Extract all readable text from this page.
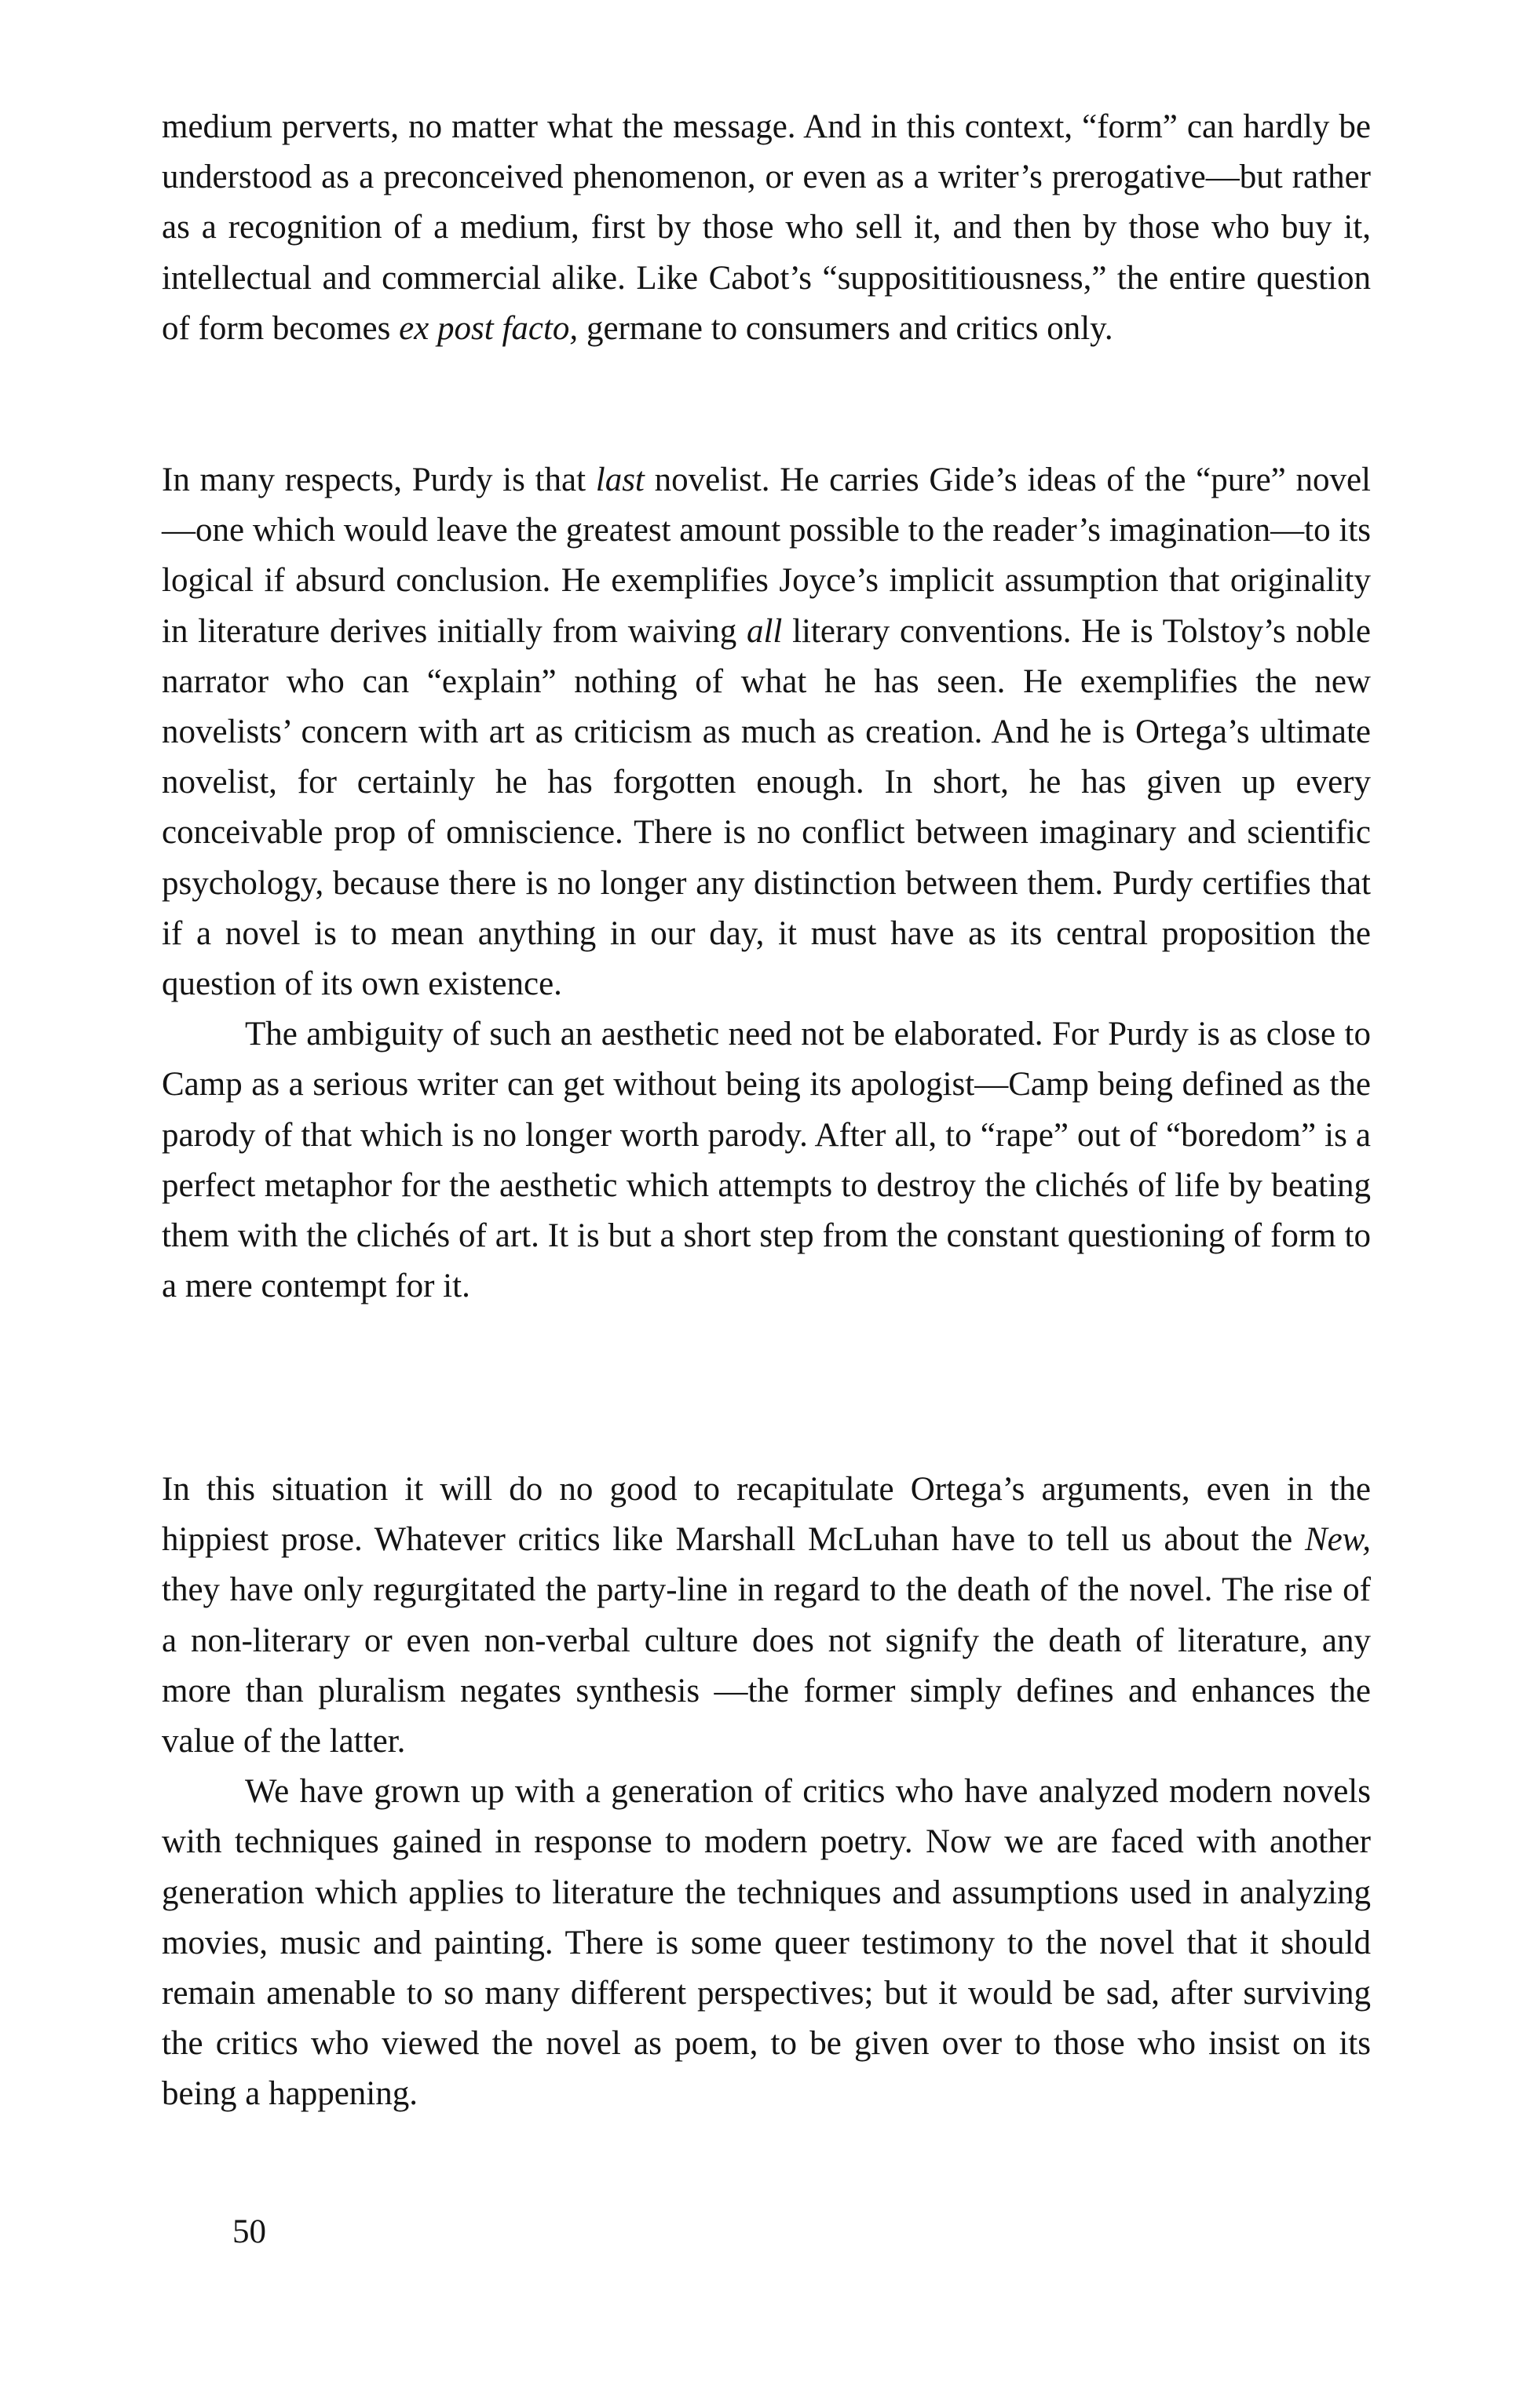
medium perverts, no matter what the message. And in this context, “form” can hardly be understood as a preconceived phenomenon, or even as a writer’s prerogative—but rather as a recognition of a medium, first by those who sell it, and then by those who buy it, intellectual and commercial alike. Like Cabot’s “supposititiousness,” the entire question of form becomes ex post facto, germane to consumers and critics only.

In many respects, Purdy is that last novelist. He carries Gide’s ideas of the “pure” novel—one which would leave the greatest amount possible to the reader’s imagination—to its logical if absurd conclusion. He exemplifies Joyce’s implicit assumption that originality in literature derives initially from waiving all literary conventions. He is Tolstoy’s noble narrator who can “explain” nothing of what he has seen. He exemplifies the new novelists’ concern with art as criticism as much as creation. And he is Ortega’s ultimate novelist, for certainly he has forgotten enough. In short, he has given up every conceivable prop of omniscience. There is no conflict between imaginary and scientific psychology, because there is no longer any distinction between them. Purdy certifies that if a novel is to mean anything in our day, it must have as its central proposition the question of its own existence.

The ambiguity of such an aesthetic need not be elaborated. For Purdy is as close to Camp as a serious writer can get without being its apologist—Camp being defined as the parody of that which is no longer worth parody. After all, to “rape” out of “boredom” is a perfect metaphor for the aesthetic which attempts to destroy the clichés of life by beating them with the clichés of art. It is but a short step from the constant questioning of form to a mere contempt for it.

In this situation it will do no good to recapitulate Ortega’s arguments, even in the hippiest prose. Whatever critics like Marshall McLuhan have to tell us about the New, they have only regurgitated the party-line in regard to the death of the novel. The rise of a non-literary or even non-verbal culture does not signify the death of literature, any more than pluralism negates synthesis —the former simply defines and enhances the value of the latter.

We have grown up with a generation of critics who have analyzed modern novels with techniques gained in response to modern poetry. Now we are faced with another generation which applies to literature the techniques and assumptions used in analyzing movies, music and painting. There is some queer testimony to the novel that it should remain amenable to so many different perspectives; but it would be sad, after surviving the critics who viewed the novel as poem, to be given over to those who insist on its being a happening.

50
